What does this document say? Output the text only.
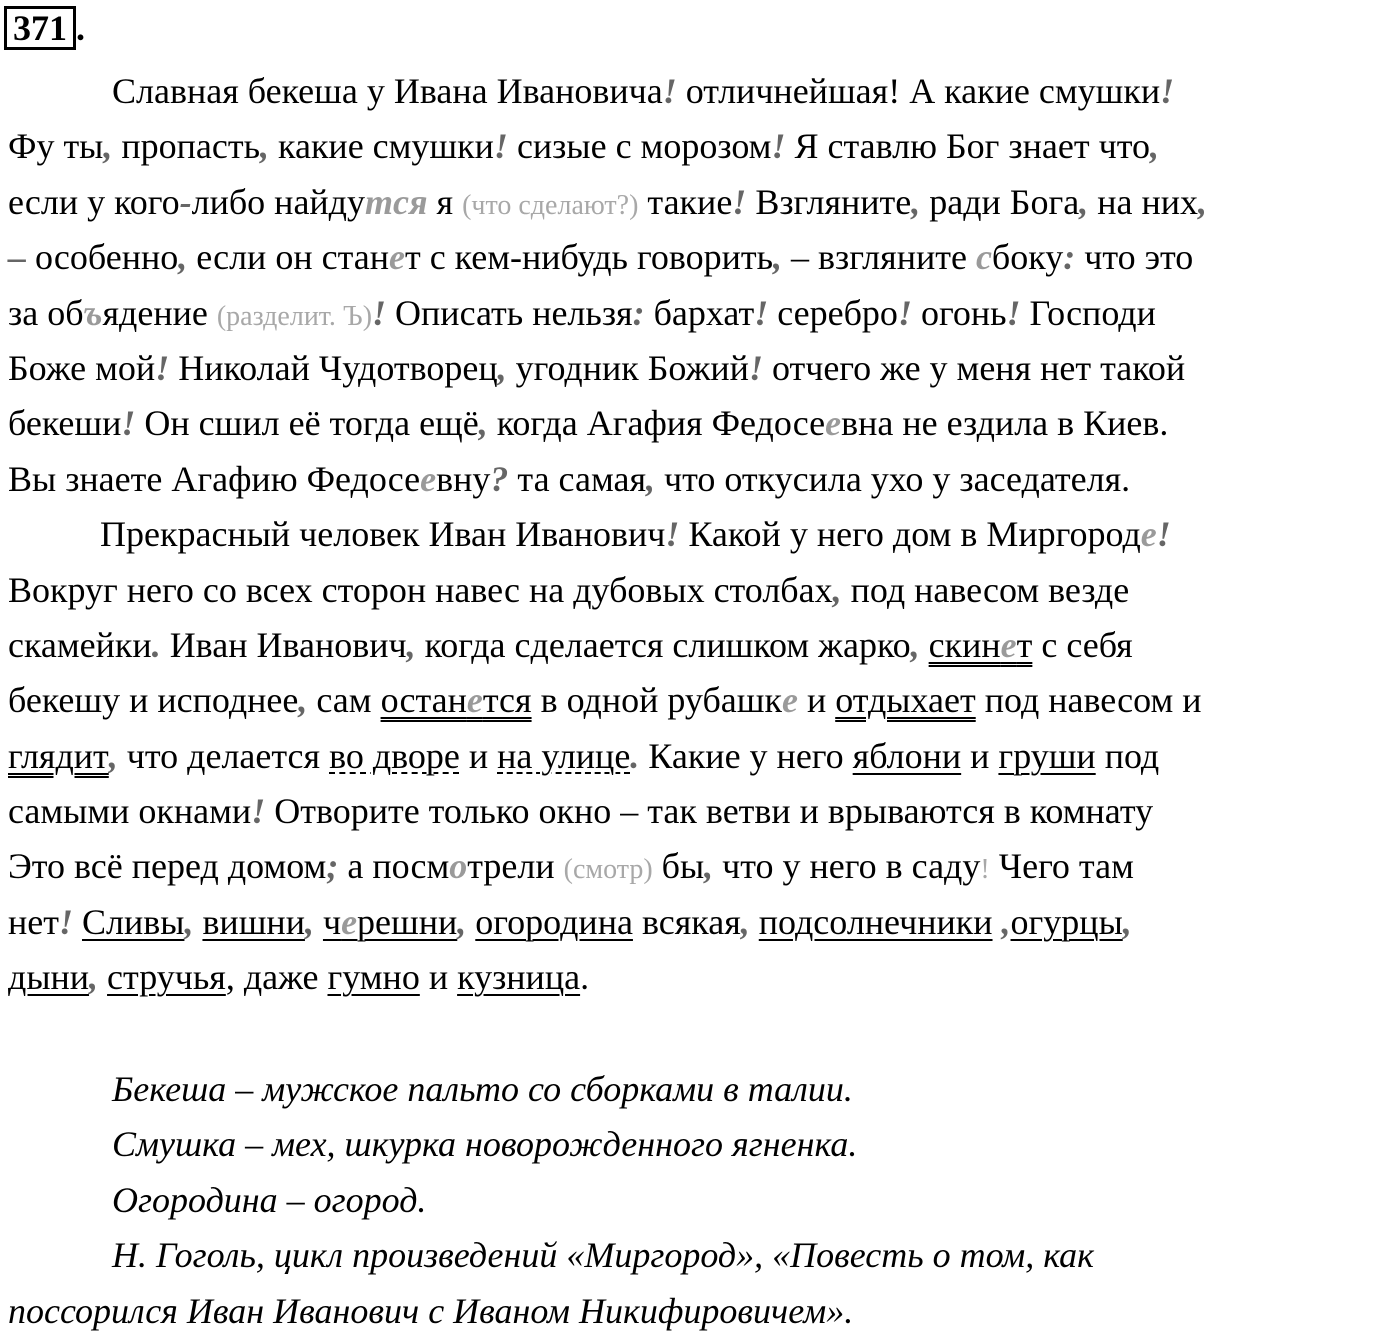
371 .
Славная бекеша у Ивана Ивановича! отличнейшая! А какие смушки!
Фу ты, пропасть, какие смушки! сизые с морозом! Я ставлю Бог знает что,
если у кого-либо найдутся я (что сделают?) такие! Взгляните, ради Бога, на них,
– особенно, если он станет с кем-нибудь говорить, – взгляните сбоку: что это
за объядение (разделит. Ъ)! Описать нельзя: бархат! серебро! огонь! Господи
Боже мой! Николай Чудотворец, угодник Божий! отчего же у меня нет такой
бекеши! Он сшил её тогда ещё, когда Агафия Федосеевна не ездила в Киев.
Вы знаете Агафию Федосеевну? та самая, что откусила ухо у заседателя.
Прекрасный человек Иван Иванович! Какой у него дом в Миргороде!
Вокруг него со всех сторон навес на дубовых столбах, под навесом везде
скамейки. Иван Иванович, когда сделается слишком жарко, скинет с себя
бекешу и исподнее, сам останется в одной рубашке и отдыхает под навесом и
глядит, что делается во дворе и на улице. Какие у него яблони и груши под
самыми окнами! Отворите только окно – так ветви и врываются в комнату
Это всё перед домом; а посмотрели (смотр) бы, что у него в саду! Чего там
нет! Сливы, вишни, черешни, огородина всякая, подсолнечники ,огурцы,
дыни, стручья, даже гумно и кузница.
Бекеша – мужское пальто со сборками в талии.
Смушка – мех, шкурка новорожденного ягненка.
Огородина – огород.
Н. Гоголь, цикл произведений «Миргород», «Повесть о том, как
поссорился Иван Иванович с Иваном Никифировичем».
